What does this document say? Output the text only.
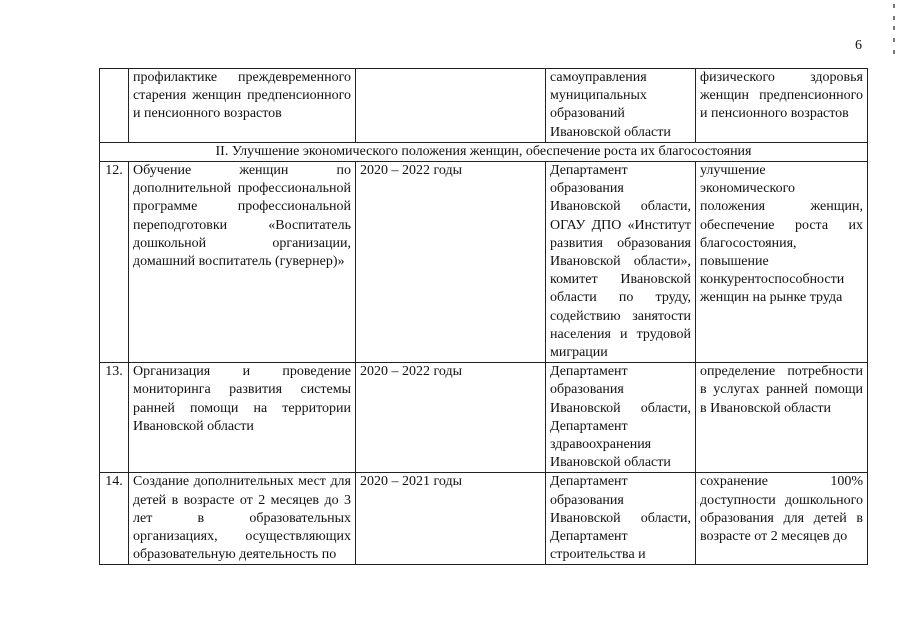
6
	профилактике преждевременного старения женщин предпенсионного и пенсионного возрастов		самоуправления муниципальных образований Ивановской области	физического здоровья женщин предпенсионного и пенсионного возрастов
II. Улучшение экономического положения женщин, обеспечение роста их благосостояния				
12.	Обучение женщин по дополнительной профессиональной программе профессиональной переподготовки «Воспитатель дошкольной организации, домашний воспитатель (гувернер)»	2020 – 2022 годы	Департамент образования Ивановской области, ОГАУ ДПО «Институт развития образования Ивановской области», комитет Ивановской области по труду, содействию занятости населения и трудовой миграции	улучшение экономического положения женщин, обеспечение роста их благосостояния, повышение конкурентоспособности женщин на рынке труда
13.	Организация и проведение мониторинга развития системы ранней помощи на территории Ивановской области	2020 – 2022 годы	Департамент образования Ивановской области, Департамент здравоохранения Ивановской области	определение потребности в услугах ранней помощи в Ивановской области
14.	Создание дополнительных мест для детей в возрасте от 2 месяцев до 3 лет в образовательных организациях, осуществляющих образовательную деятельность по	2020 – 2021 годы	Департамент образования Ивановской области, Департамент строительства и	сохранение 100% доступности дошкольного образования для детей в возрасте от 2 месяцев до
